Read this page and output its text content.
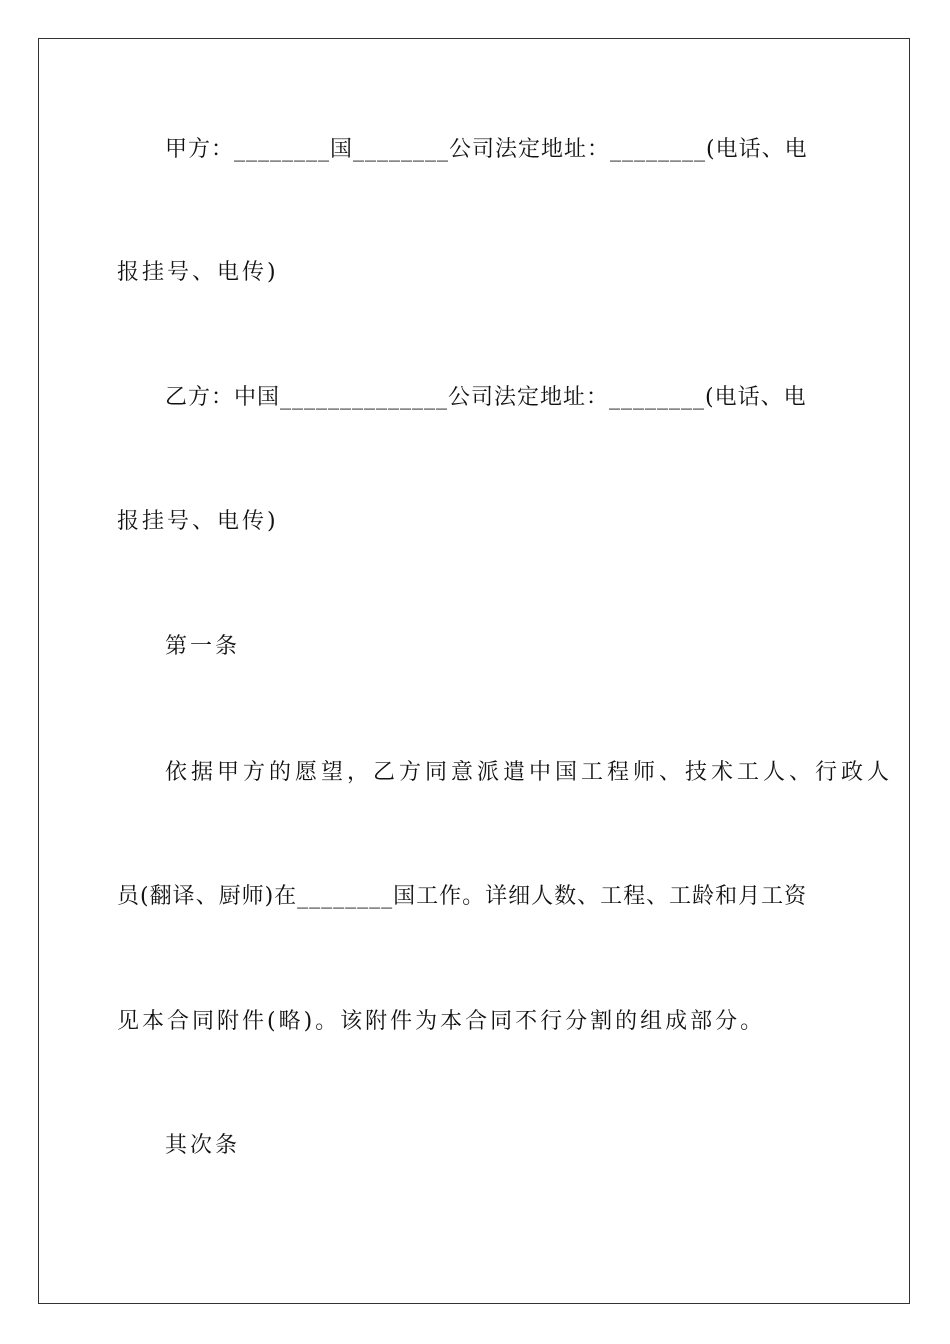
甲方：________国________公司法定地址：________(电话、电
报挂号、电传)
乙方：中国______________公司法定地址：________(电话、电
报挂号、电传)
第一条
依据甲方的愿望，乙方同意派遣中国工程师、技术工人、行政人
员(翻译、厨师)在________国工作。详细人数、工程、工龄和月工资
见本合同附件(略)。该附件为本合同不行分割的组成部分。
其次条
